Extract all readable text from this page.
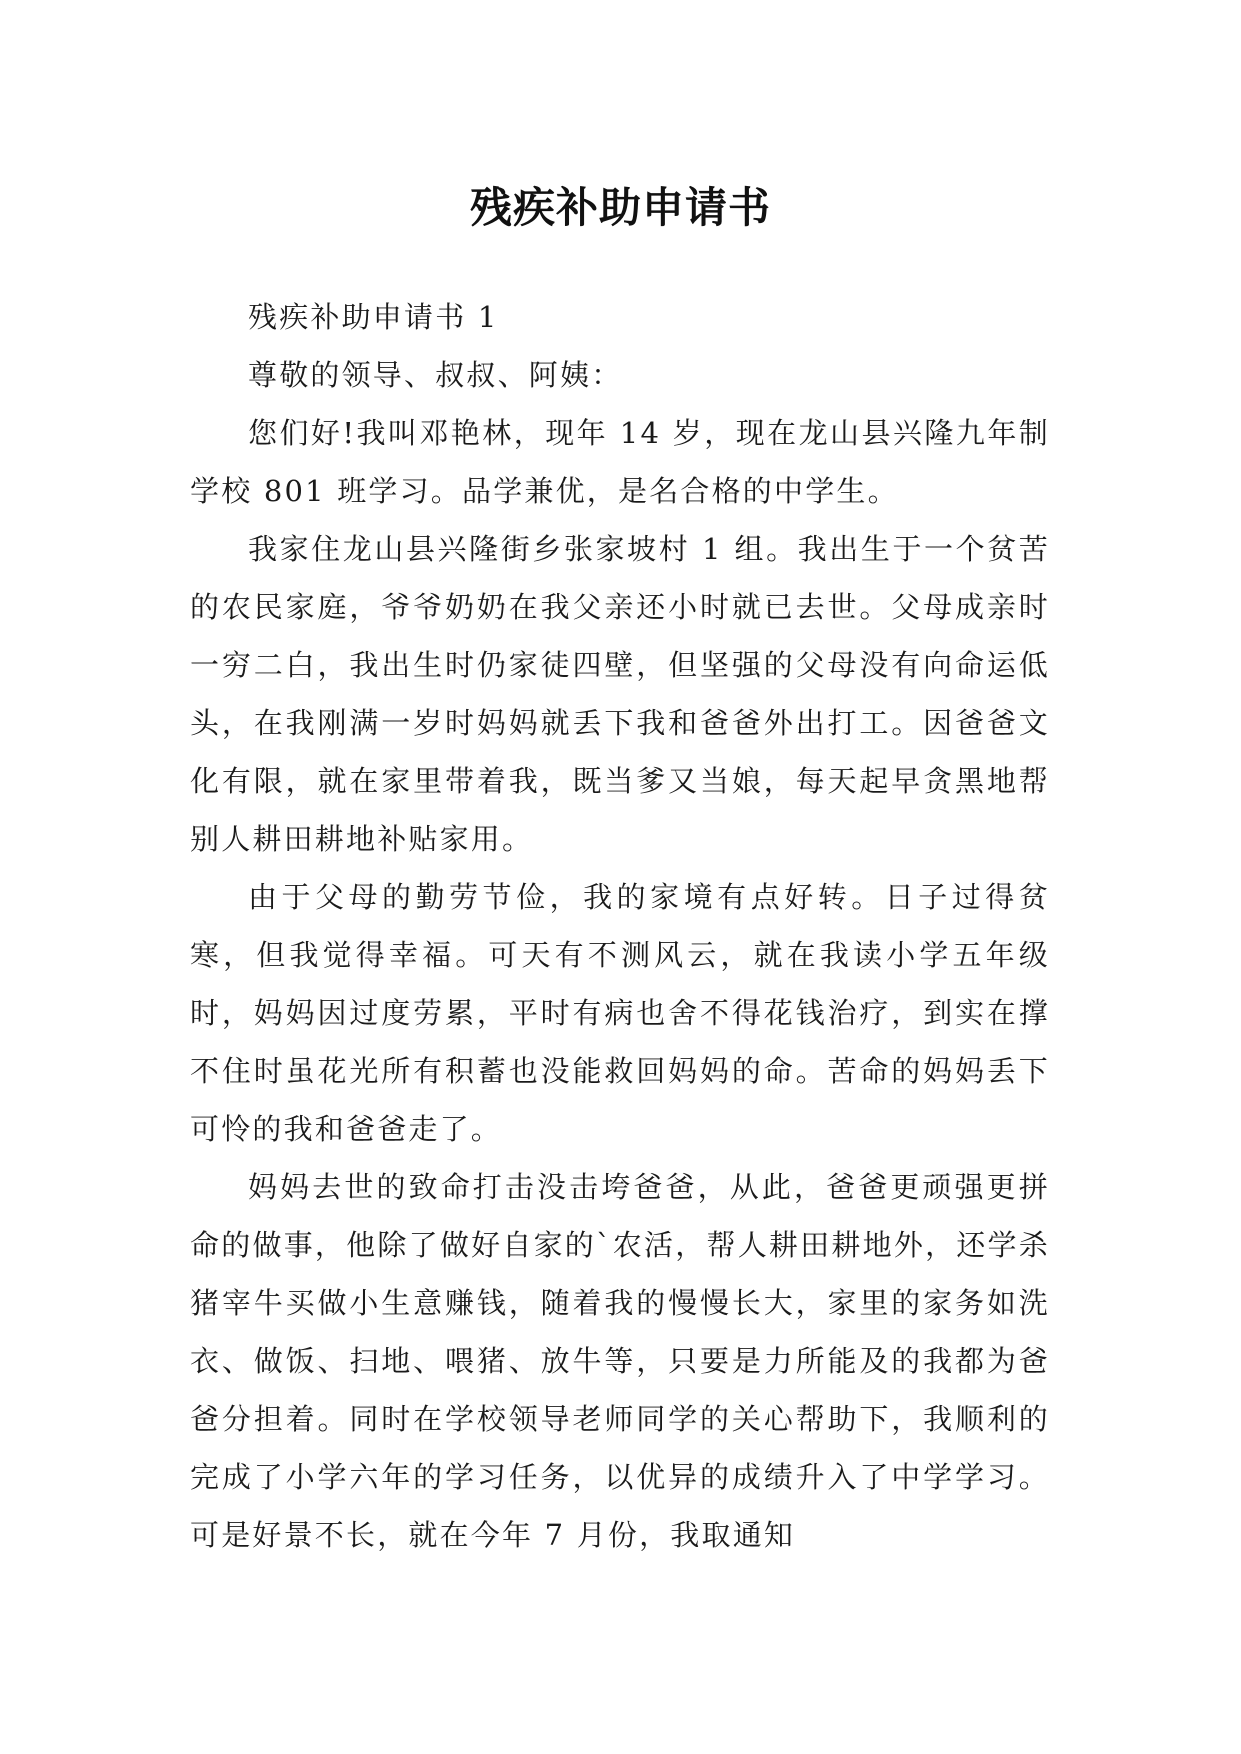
残疾补助申请书

残疾补助申请书 1

尊敬的领导、叔叔、阿姨：

您们好!我叫邓艳林，现年 14 岁，现在龙山县兴隆九年制学校 801 班学习。品学兼优，是名合格的中学生。

我家住龙山县兴隆街乡张家坡村 1 组。我出生于一个贫苦的农民家庭，爷爷奶奶在我父亲还小时就已去世。父母成亲时一穷二白，我出生时仍家徒四壁，但坚强的父母没有向命运低头，在我刚满一岁时妈妈就丢下我和爸爸外出打工。因爸爸文化有限，就在家里带着我，既当爹又当娘，每天起早贪黑地帮别人耕田耕地补贴家用。

由于父母的勤劳节俭，我的家境有点好转。日子过得贫寒，但我觉得幸福。可天有不测风云，就在我读小学五年级时，妈妈因过度劳累，平时有病也舍不得花钱治疗，到实在撑不住时虽花光所有积蓄也没能救回妈妈的命。苦命的妈妈丢下可怜的我和爸爸走了。

妈妈去世的致命打击没击垮爸爸，从此，爸爸更顽强更拼命的做事，他除了做好自家的`农活，帮人耕田耕地外，还学杀猪宰牛买做小生意赚钱，随着我的慢慢长大，家里的家务如洗衣、做饭、扫地、喂猪、放牛等，只要是力所能及的我都为爸爸分担着。同时在学校领导老师同学的关心帮助下，我顺利的完成了小学六年的学习任务，以优异的成绩升入了中学学习。可是好景不长，就在今年 7 月份，我取通知
